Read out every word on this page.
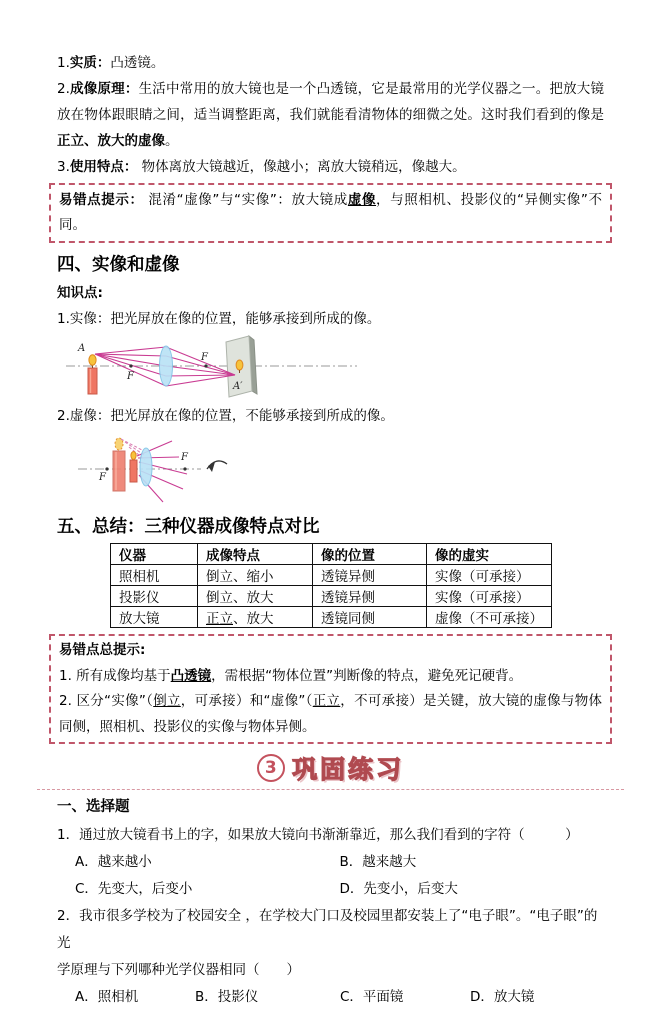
1.实质：凸透镜。

2.成像原理：生活中常用的放大镜也是一个凸透镜，它是最常用的光学仪器之一。把放大镜放在物体跟眼睛之间，适当调整距离，我们就能看清物体的细微之处。这时我们看到的像是正立、放大的虚像。

3.使用特点： 物体离放大镜越近，像越小；离放大镜稍远，像越大。

易错点提示： 混淆“虚像”与“实像”：放大镜成虚像，与照相机、投影仪的“异侧实像”不同。

四、实像和虚像

知识点:

1.实像：把光屏放在像的位置，能够承接到所成的像。

A
F
F
A′

2.虚像：把光屏放在像的位置，不能够承接到所成的像。

F
F
五、总结：三种仪器成像特点对比
仪器	成像特点	像的位置	像的虚实
照相机	倒立、缩小	透镜异侧	实像（可承接）
投影仪	倒立、放大	透镜异侧	实像（可承接）
放大镜	正立、放大	透镜同侧	虚像（不可承接）

易错点总提示:

1. 所有成像均基于凸透镜，需根据“物体位置”判断像的特点，避免死记硬背。

2. 区分“实像”（倒立，可承接）和“虚像”（正立，不可承接）是关键，放大镜的虚像与物体同侧，照相机、投影仪的实像与物体异侧。

3 巩固练习
一、选择题

1．通过放大镜看书上的字，如果放大镜向书渐渐靠近，那么我们看到的字符（　　　）

A．越来越小	B．越来越大
C．先变大，后变小	D．先变小，后变大

2．我市很多学校为了校园安全 ，在学校大门口及校园里都安装上了“电子眼”。“电子眼”的光
学原理与下列哪种光学仪器相同（　　）

A．照相机	B．投影仪	C．平面镜	D．放大镜
